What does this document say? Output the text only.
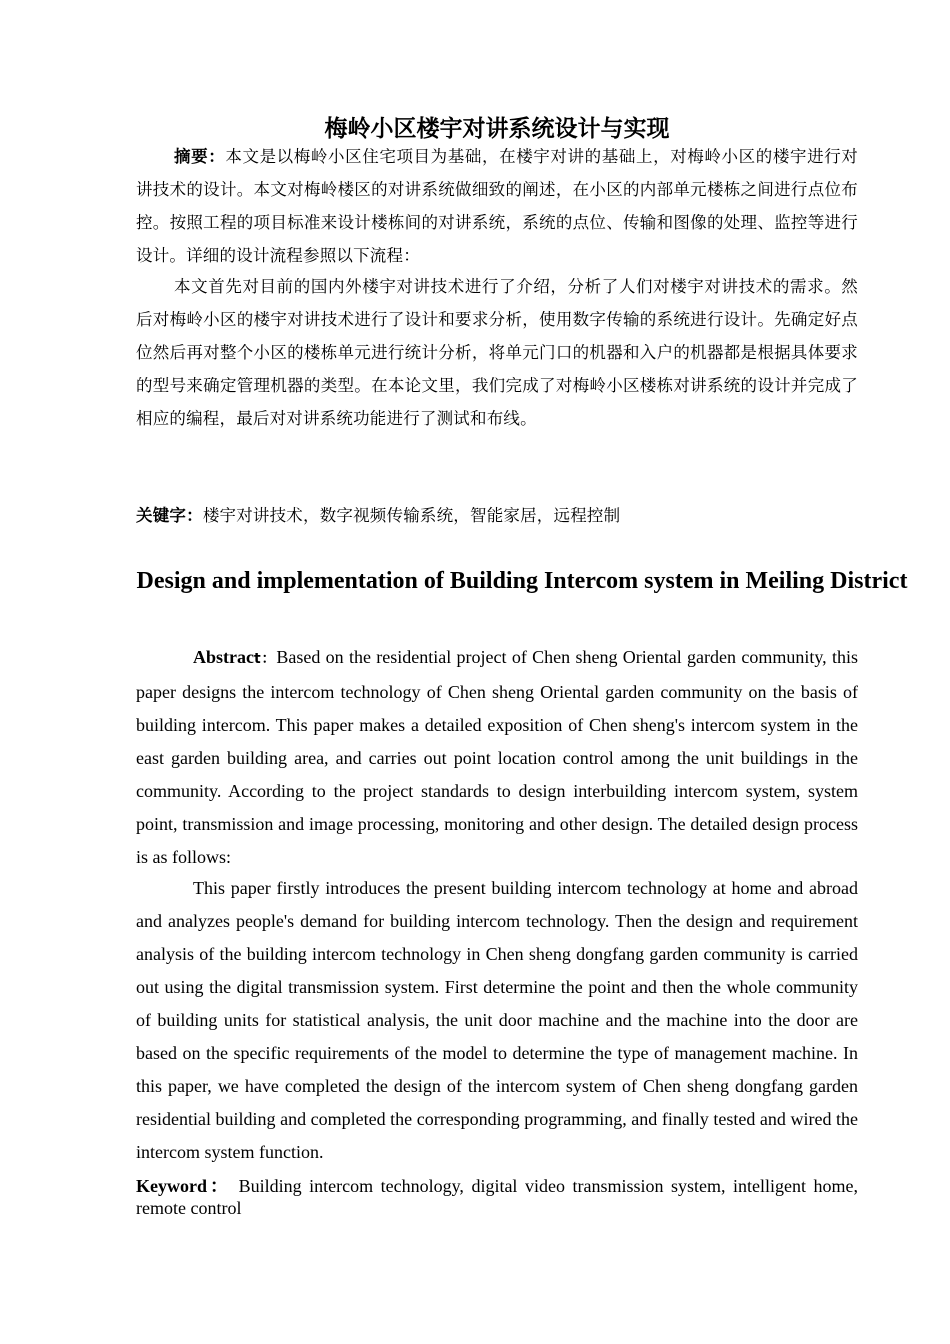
梅岭小区楼宇对讲系统设计与实现

摘要：本文是以梅岭小区住宅项目为基础，在楼宇对讲的基础上，对梅岭小区的楼宇进行对讲技术的设计。本文对梅岭楼区的对讲系统做细致的阐述，在小区的内部单元楼栋之间进行点位布控。按照工程的项目标准来设计楼栋间的对讲系统，系统的点位、传输和图像的处理、监控等进行设计。详细的设计流程参照以下流程：

本文首先对目前的国内外楼宇对讲技术进行了介绍，分析了人们对楼宇对讲技术的需求。然后对梅岭小区的楼宇对讲技术进行了设计和要求分析，使用数字传输的系统进行设计。先确定好点位然后再对整个小区的楼栋单元进行统计分析，将单元门口的机器和入户的机器都是根据具体要求的型号来确定管理机器的类型。在本论文里，我们完成了对梅岭小区楼栋对讲系统的设计并完成了相应的编程，最后对对讲系统功能进行了测试和布线。

关键字：楼宇对讲技术，数字视频传输系统，智能家居，远程控制

Design and implementation of Building Intercom system in Meiling District

Abstract：Based on the residential project of Chen sheng Oriental garden community, this paper designs the intercom technology of Chen sheng Oriental garden community on the basis of building intercom. This paper makes a detailed exposition of Chen sheng's intercom system in the east garden building area, and carries out point location control among the unit buildings in the community. According to the project standards to design interbuilding intercom system, system point, transmission and image processing, monitoring and other design. The detailed design process is as follows:

This paper firstly introduces the present building intercom technology at home and abroad and analyzes people's demand for building intercom technology. Then the design and requirement analysis of the building intercom technology in Chen sheng dongfang garden community is carried out using the digital transmission system. First determine the point and then the whole community of building units for statistical analysis, the unit door machine and the machine into the door are based on the specific requirements of the model to determine the type of management machine. In this paper, we have completed the design of the intercom system of Chen sheng dongfang garden residential building and completed the corresponding programming, and finally tested and wired the intercom system function.

Keyword： Building intercom technology, digital video transmission system, intelligent home, remote control
